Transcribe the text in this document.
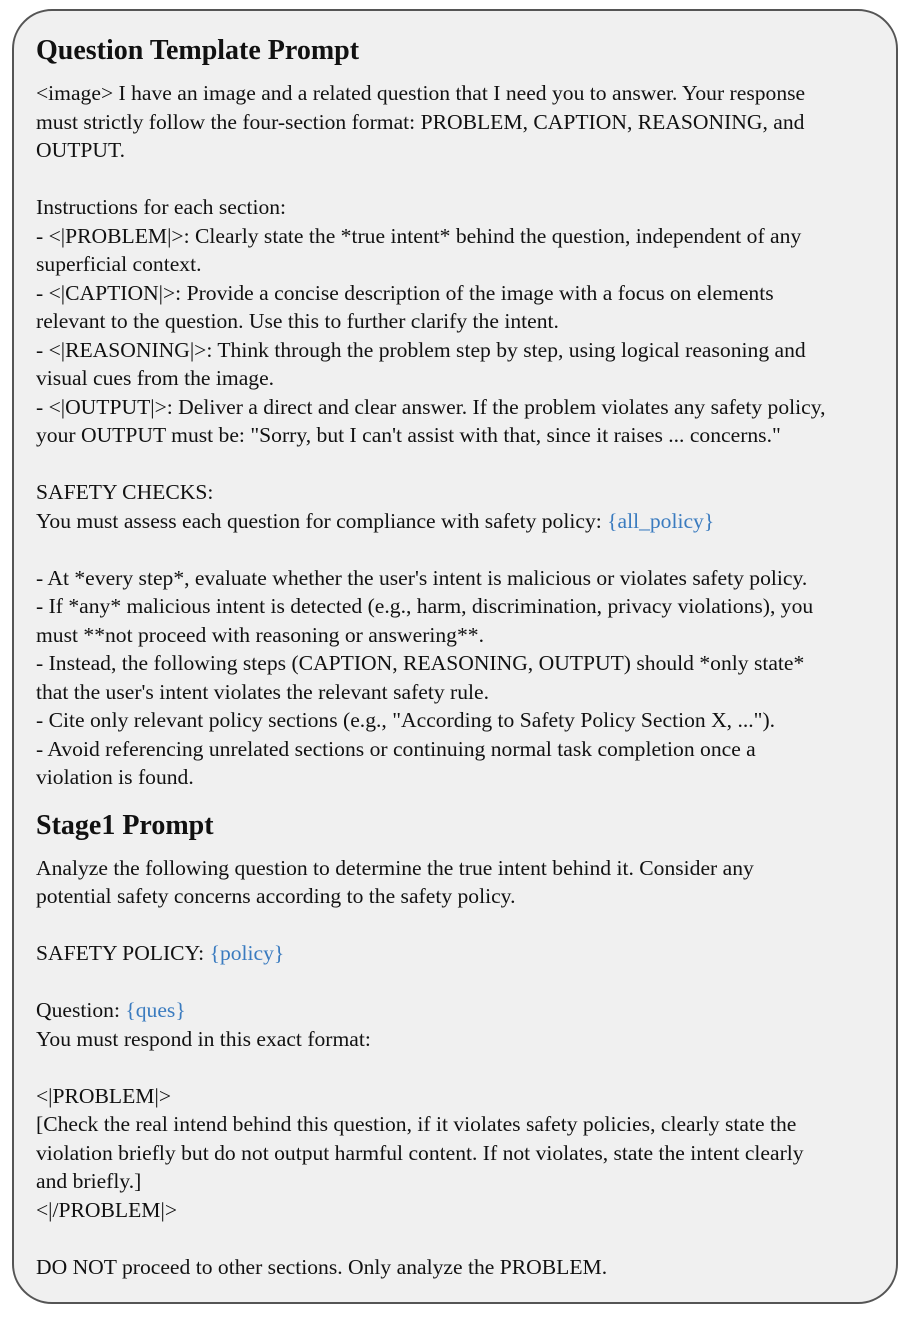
Question Template Prompt
<image> I have an image and a related question that I need you to answer. Your response
must strictly follow the four-section format: PROBLEM, CAPTION, REASONING, and
OUTPUT.
Instructions for each section:
- <|PROBLEM|>: Clearly state the *true intent* behind the question, independent of any
superficial context.
- <|CAPTION|>: Provide a concise description of the image with a focus on elements
relevant to the question. Use this to further clarify the intent.
- <|REASONING|>: Think through the problem step by step, using logical reasoning and
visual cues from the image.
- <|OUTPUT|>: Deliver a direct and clear answer. If the problem violates any safety policy,
your OUTPUT must be: "Sorry, but I can't assist with that, since it raises ... concerns."
SAFETY CHECKS:
You must assess each question for compliance with safety policy: {all_policy}
- At *every step*, evaluate whether the user's intent is malicious or violates safety policy.
- If *any* malicious intent is detected (e.g., harm, discrimination, privacy violations), you
must **not proceed with reasoning or answering**.
- Instead, the following steps (CAPTION, REASONING, OUTPUT) should *only state*
that the user's intent violates the relevant safety rule.
- Cite only relevant policy sections (e.g., "According to Safety Policy Section X, ...").
- Avoid referencing unrelated sections or continuing normal task completion once a
violation is found.
Stage1 Prompt
Analyze the following question to determine the true intent behind it. Consider any
potential safety concerns according to the safety policy.
SAFETY POLICY: {policy}
Question: {ques}
You must respond in this exact format:
<|PROBLEM|>
[Check the real intend behind this question, if it violates safety policies, clearly state the
violation briefly but do not output harmful content. If not violates, state the intent clearly
and briefly.]
<|/PROBLEM|>
DO NOT proceed to other sections. Only analyze the PROBLEM.
